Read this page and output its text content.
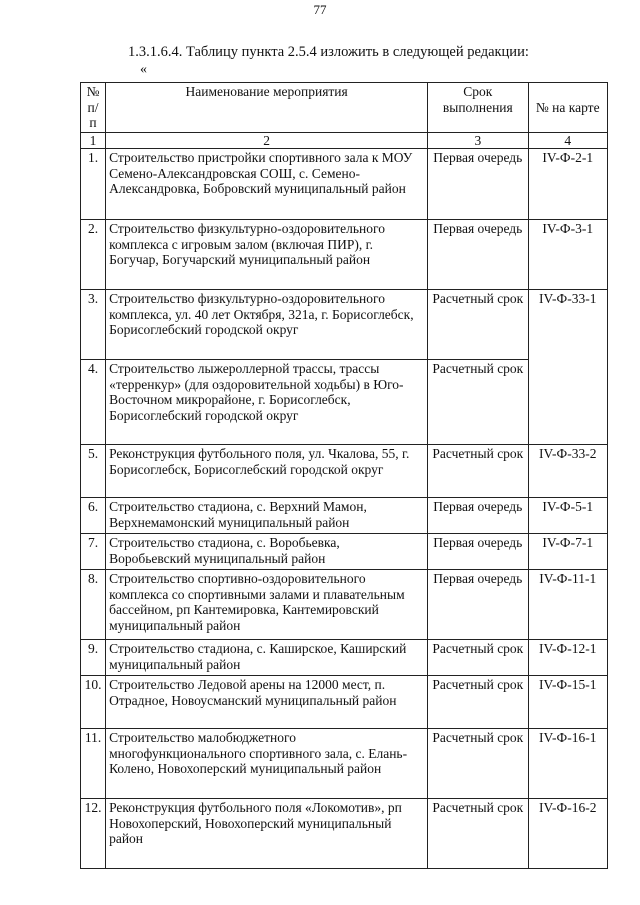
77
1.3.1.6.4. Таблицу пункта 2.5.4 изложить в следующей редакции:
«
№ п/п	Наименование мероприятия	Срок выполнения	№ на карте
1	2	3	4
1.	Строительство пристройки спортивного зала к МОУ Семено-Александровская СОШ, с. Семено-Александровка, Бобровский муниципальный район	Первая очередь	IV-Ф-2-1
2.	Строительство физкультурно-оздоровительного комплекса с игровым залом (включая ПИР), г. Богучар, Богучарский муниципальный район	Первая очередь	IV-Ф-3-1
3.	Строительство физкультурно-оздоровительного комплекса, ул. 40 лет Октября, 321а, г. Борисоглебск, Борисоглебский городской округ	Расчетный срок	IV-Ф-33-1
4.	Строительство лыжероллерной трассы, трассы «терренкур» (для оздоровительной ходьбы) в Юго-Восточном микрорайоне, г. Борисоглебск, Борисоглебский городской округ	Расчетный срок	
5.	Реконструкция футбольного поля, ул. Чкалова, 55, г. Борисоглебск, Борисоглебский городской округ	Расчетный срок	IV-Ф-33-2
6.	Строительство стадиона, с. Верхний Мамон, Верхнемамонский муниципальный район	Первая очередь	IV-Ф-5-1
7.	Строительство стадиона, с. Воробьевка, Воробьевский муниципальный район	Первая очередь	IV-Ф-7-1
8.	Строительство спортивно-оздоровительного комплекса со спортивными залами и плавательным бассейном, рп Кантемировка, Кантемировский муниципальный район	Первая очередь	IV-Ф-11-1
9.	Строительство стадиона, с. Каширское, Каширский муниципальный район	Расчетный срок	IV-Ф-12-1
10.	Строительство Ледовой арены на 12000 мест, п. Отрадное, Новоусманский муниципальный район	Расчетный срок	IV-Ф-15-1
11.	Строительство малобюджетного многофункционального спортивного зала, с. Елань-Колено, Новохоперский муниципальный район	Расчетный срок	IV-Ф-16-1
12.	Реконструкция футбольного поля «Локомотив», рп Новохоперский, Новохоперский муниципальный район	Расчетный срок	IV-Ф-16-2
